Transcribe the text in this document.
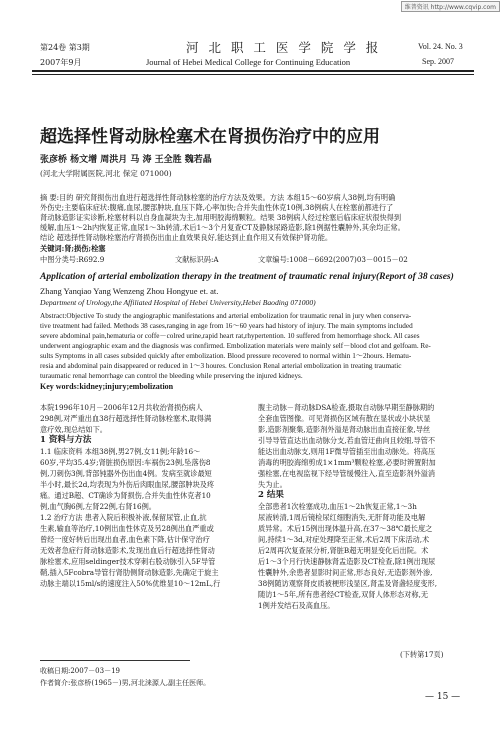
维普资讯 http://www.cqvip.com
第24卷 第3期
2007年9月
河 北 职 工 医 学 院 学 报
Journal of Hebei Medical College for Continuing Education
Vol. 24. No. 3
Sep. 2007
超选择性肾动脉栓塞术在肾损伤治疗中的应用
张彦桥 杨文增 周洪月 马 涛 王全胜 魏若晶
(河北大学附属医院,河北 保定 071000)
摘 要:目的 研究肾损伤出血进行超选择性肾动脉栓塞的治疗方法及效果。方法 本组15～60岁病人38例,均有明确
外伤史;主要临床症状:腹痛,血尿,腰部肿块,血压下降,心率加快;合并失血性休克10例,38例病人在栓塞前都进行了
肾动脉造影证实诊断,栓塞材料以自身血凝块为主,加用明胶海绵颗粒。结果 38例病人经过栓塞后临床症状很快得到
缓解,血压1～2h内恢复正常,血尿1～3h转清,术后1～3个月复查CT及静脉尿路造影,除1例据性囊肿外,其余均正常。
结论 超选择性肾动脉栓塞治疗肾损伤出血止血效果良好,能达到止血作用又有效保护肾功能。
关键词:肾;损伤;栓塞
中图分类号:R692.9	文献标识码:A	文章编号:1008－6692(2007)03－0015－02
Application of arterial embolization therapy in the treatment of traumatic renal injury(Report of 38 cases)
Zhang Yanqiao Yang Wenzeng Zhou Hongyue et. at.
Department of Urology,the Affiliated Hospital of Hebei University,Hebei Baoding 071000)
Abstract:Objective To study the angiographic manifestations and arterial embolization for traumatic renal in jury when conserva-
tive treatment had failed. Methods 38 cases,ranging in age from 16～60 years had history of injury. The main symptoms included
severe abdominal pain,hematuria or coffe－colred urine,rapid heart rat,rhypertention. 10 suffered from hemorrhage shock. All cases
underwent angiographic exam and the diagnosis was confirmed. Embolization materials were mainly self－blood clot and gelfoam. Re-
sults Symptoms in all cases subsided quickly after embolization. Blood pressure recovered to normal within 1～2hours. Hematu-
resia and abdominal pain disappeared or reduced in 1～3 houres. Conclusion Renal arterial embolization in treating traumatic
turaumatic renal hemorrhage can control the bleeding while preserving the injured kidneys.
Key words:kidney;injury;embolization
本院1996年10月－2006年12月共收治肾损伤病人
298例,对严重出血38行超选择性肾动脉栓塞术,取得满
意疗效,现总结如下。
1 资料与方法
1.1 临床资料 本组38例,男27例,女11例;年龄16～
60岁,平均35.4岁;肾脏损伤原因:车祸伤23例,坠落伤8
例,刀刺伤3例,背部钝器外伤出血4例。发病至就诊最短
半小时,最长2d,均表现为外伤后肉眼血尿,腰部肿块及疼
痛。通过B超、CT确诊为肾损伤,合并失血性休克者10
例,血气胸6例,左肾22例,右肾16例。
1.2 治疗方法 患者入院后积极补液,保留尿管,止血,抗
生素,输血等治疗,10例出血性休克及另28例出血严重或
曾经一度好转后出现出血者,血色素下降,估计保守治疗
无效者急症行肾动脉造影术,发现出血后行超选择性肾动
脉栓塞术,应用seldinger技术穿刺右股动脉引入5F导管
鞘,插入5Fcobra导管行肾肋侧肾动脉造影,先确定于旋主
动脉主端以15ml/s的速度注入50%优维显10～12mL,行
腹主动脉－肾动脉DSA检查,摄取自动脉早期至静脉期的
全套血管图像。可见肾损伤区域有散在显状或小块状显
影,造影剂聚集,造影剂外溢是肾动脉出血直接征象,导丝
引导导管直达出血动脉分支,若血管迂曲向且较细,导管不
能达出血动脉支,则用1F微导管插至出血动脉处。将高压
消毒的明胶海绵剪成1×1mm³颗粒栓塞,必要时辨置附加
强栓塞,在电视监视下经导管缓慢注入,直至造影剂外溢消
失为止。
2 结果
全部患者1次栓塞成功,血压1～2h恢复正常,1～3h
尿液转清,1周后镜检尿红细胞消失,无肝肾功能及电解
质异常。术后15例出现体温升高,在37～38℃最长度之
间,持续1～3d,对症处理降至正常,术后2周下床活动,术
后2周再次复查尿分析,肾脏B超无明显变化后出院。术
后1～3个月行快速静脉肾盂造影及CT检查,除1例出现尿
性囊肿外,余患者显影时间正常,形态良好,无造影剂外渗,
38例随访观察肾皮质被梗形浅显区,肾盂及肾盏轻度变形,
随访1～5年,所有患者经CT检查,双肾人体形态对称,无
1例并发结石及高血压。
(下转第17页)
收稿日期:2007－03－19
作者简介:张彦桥(1965－)男,河北涞源人,副主任医师。
— 15 —
